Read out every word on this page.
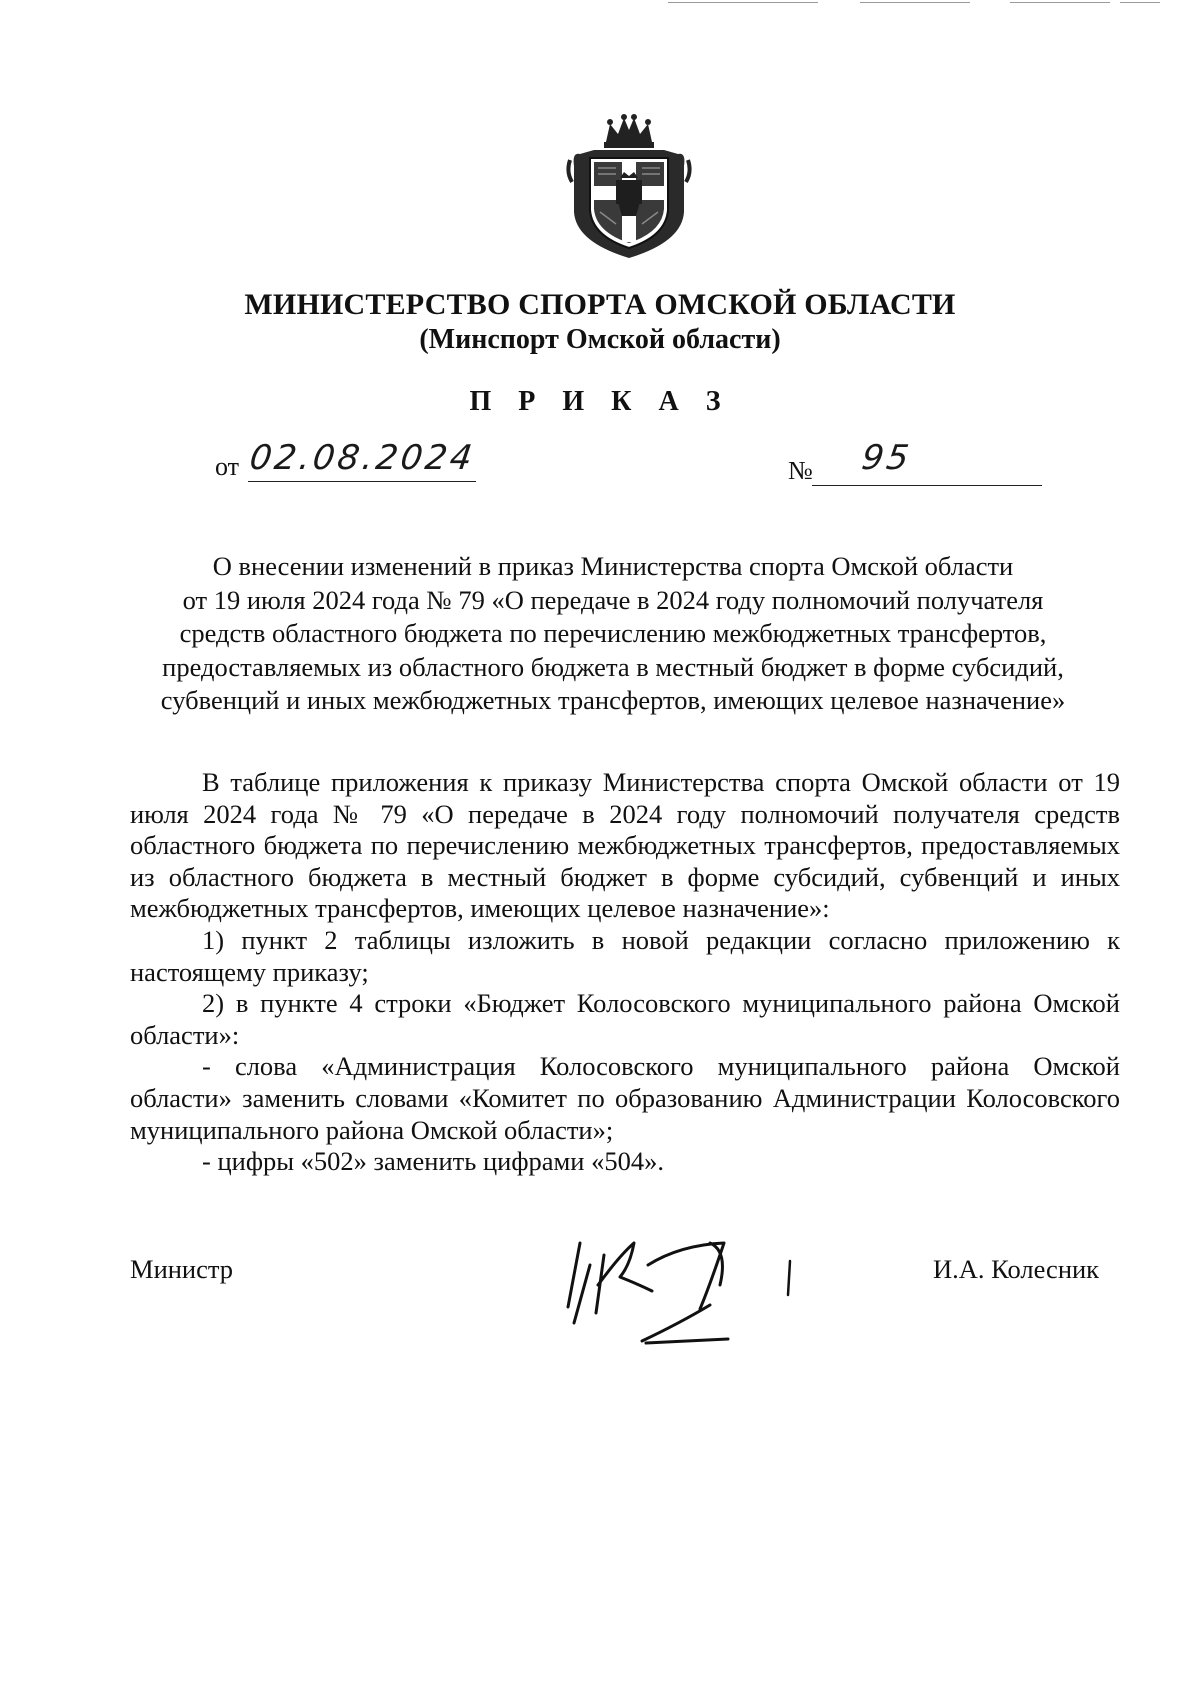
МИНИСТЕРСТВО СПОРТА ОМСКОЙ ОБЛАСТИ
(Минспорт Омской области)
П Р И К А З
от 02.08.2024	№ 95
О внесении изменений в приказ Министерства спорта Омской области
от 19 июля 2024 года № 79 «О передаче в 2024 году полномочий получателя
средств областного бюджета по перечислению межбюджетных трансфертов,
предоставляемых из областного бюджета в местный бюджет в форме субсидий,
субвенций и иных межбюджетных трансфертов, имеющих целевое назначение»
В таблице приложения к приказу Министерства спорта Омской области от 19 июля 2024 года № 79 «О передаче в 2024 году полномочий получателя средств областного бюджета по перечислению межбюджетных трансфертов, предоставляемых из областного бюджета в местный бюджет в форме субсидий, субвенций и иных межбюджетных трансфертов, имеющих целевое назначение»:
1) пункт 2 таблицы изложить в новой редакции согласно приложению к настоящему приказу;
2) в пункте 4 строки «Бюджет Колосовского муниципального района Омской области»:
- слова «Администрация Колосовского муниципального района Омской области» заменить словами «Комитет по образованию Администрации Колосовского муниципального района Омской области»;
- цифры «502» заменить цифрами «504».
Министр	И.А. Колесник
